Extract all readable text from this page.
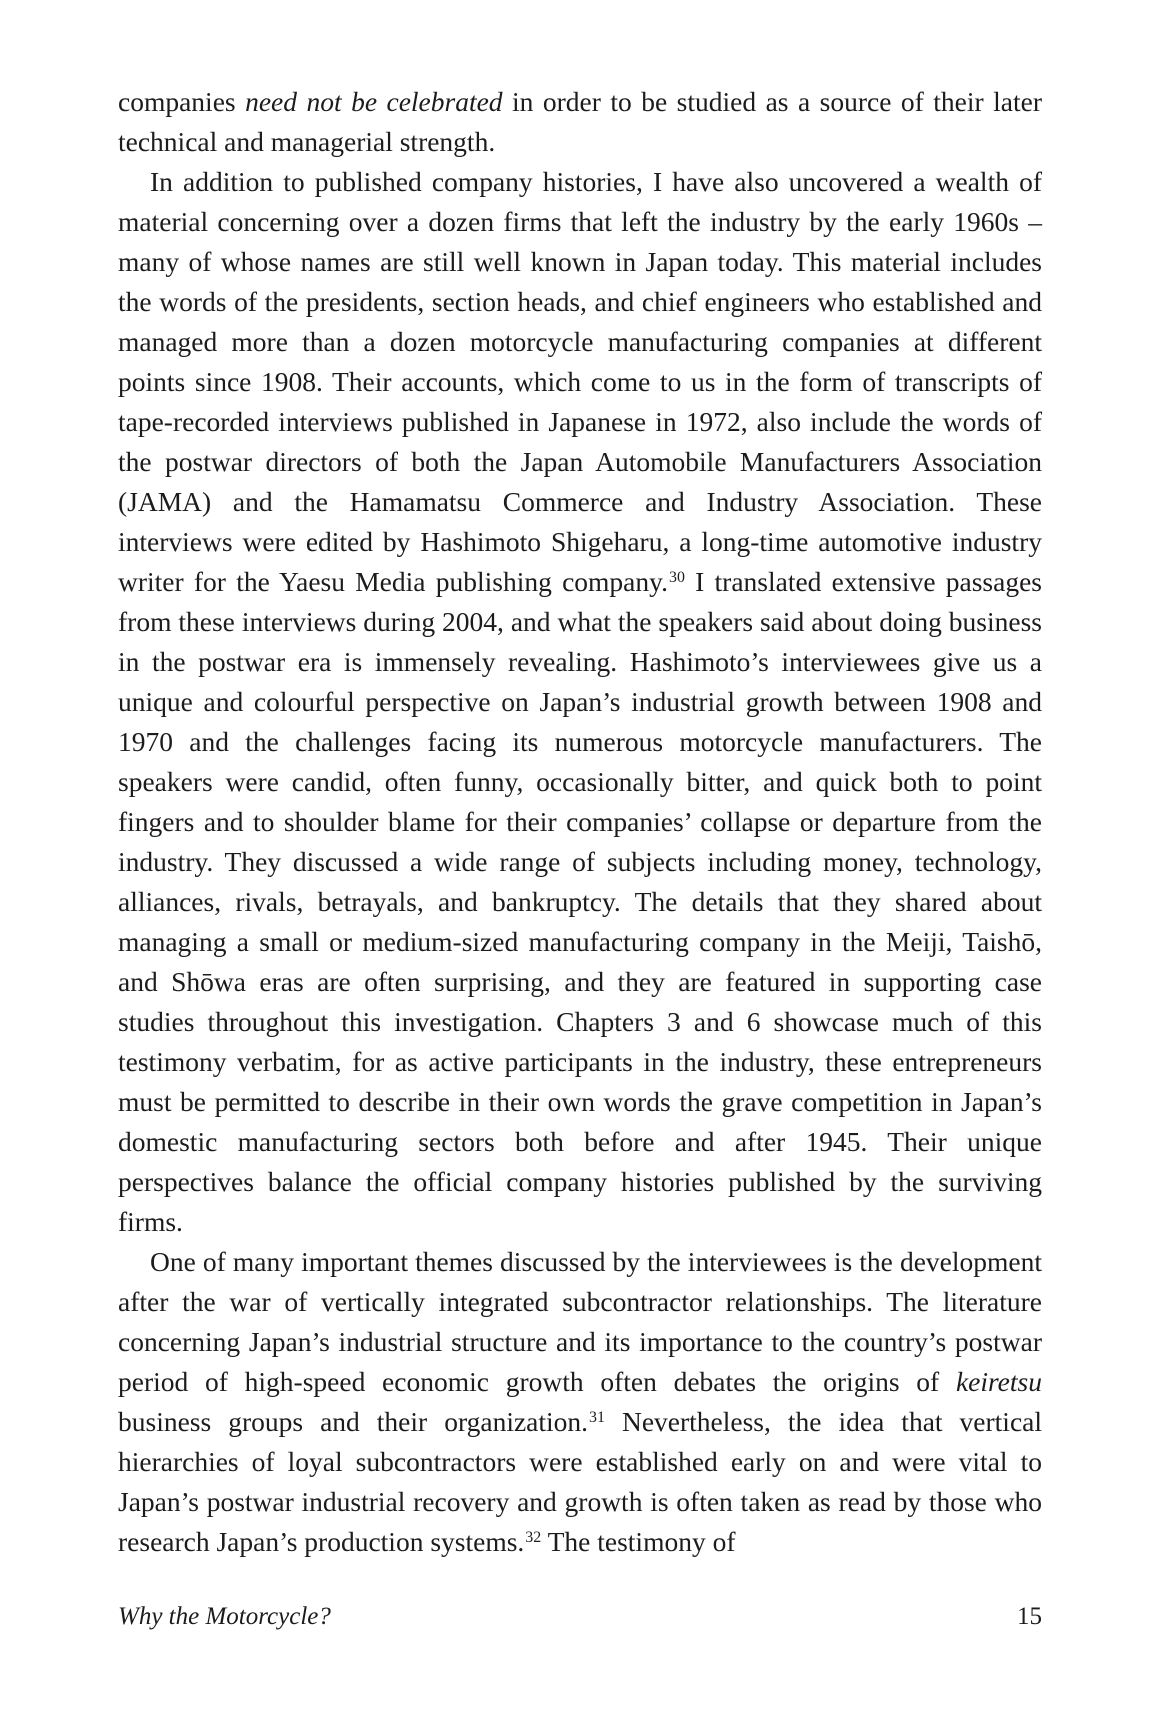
companies need not be celebrated in order to be studied as a source of their later technical and managerial strength.

In addition to published company histories, I have also uncovered a wealth of material concerning over a dozen firms that left the industry by the early 1960s – many of whose names are still well known in Japan today. This material includes the words of the presidents, section heads, and chief engineers who established and managed more than a dozen motorcycle manufacturing companies at different points since 1908. Their accounts, which come to us in the form of transcripts of tape-recorded interviews published in Japanese in 1972, also include the words of the postwar directors of both the Japan Automobile Manufacturers Association (JAMA) and the Hamamatsu Commerce and Industry Association. These interviews were edited by Hashimoto Shigeharu, a long-time automotive industry writer for the Yaesu Media publishing company.$^{30}$ I translated extensive passages from these interviews during 2004, and what the speakers said about doing business in the postwar era is immensely revealing. Hashimoto’s interviewees give us a unique and colourful perspective on Japan’s industrial growth between 1908 and 1970 and the challenges facing its numerous motorcycle manufacturers. The speakers were candid, often funny, occasionally bitter, and quick both to point fingers and to shoulder blame for their companies’ collapse or departure from the industry. They discussed a wide range of subjects including money, technology, alliances, rivals, betrayals, and bankruptcy. The details that they shared about managing a small or medium-sized manufacturing company in the Meiji, Taishō, and Shōwa eras are often surprising, and they are featured in supporting case studies throughout this investigation. Chapters 3 and 6 showcase much of this testimony verbatim, for as active participants in the industry, these entrepreneurs must be permitted to describe in their own words the grave competition in Japan’s domestic manufacturing sectors both before and after 1945. Their unique perspectives balance the official company histories published by the surviving firms.

One of many important themes discussed by the interviewees is the development after the war of vertically integrated subcontractor relationships. The literature concerning Japan’s industrial structure and its importance to the country’s postwar period of high-speed economic growth often debates the origins of keiretsu business groups and their organization.$^{31}$ Nevertheless, the idea that vertical hierarchies of loyal subcontractors were established early on and were vital to Japan’s postwar industrial recovery and growth is often taken as read by those who research Japan’s production systems.$^{32}$ The testimony of

Why the Motorcycle?	15
